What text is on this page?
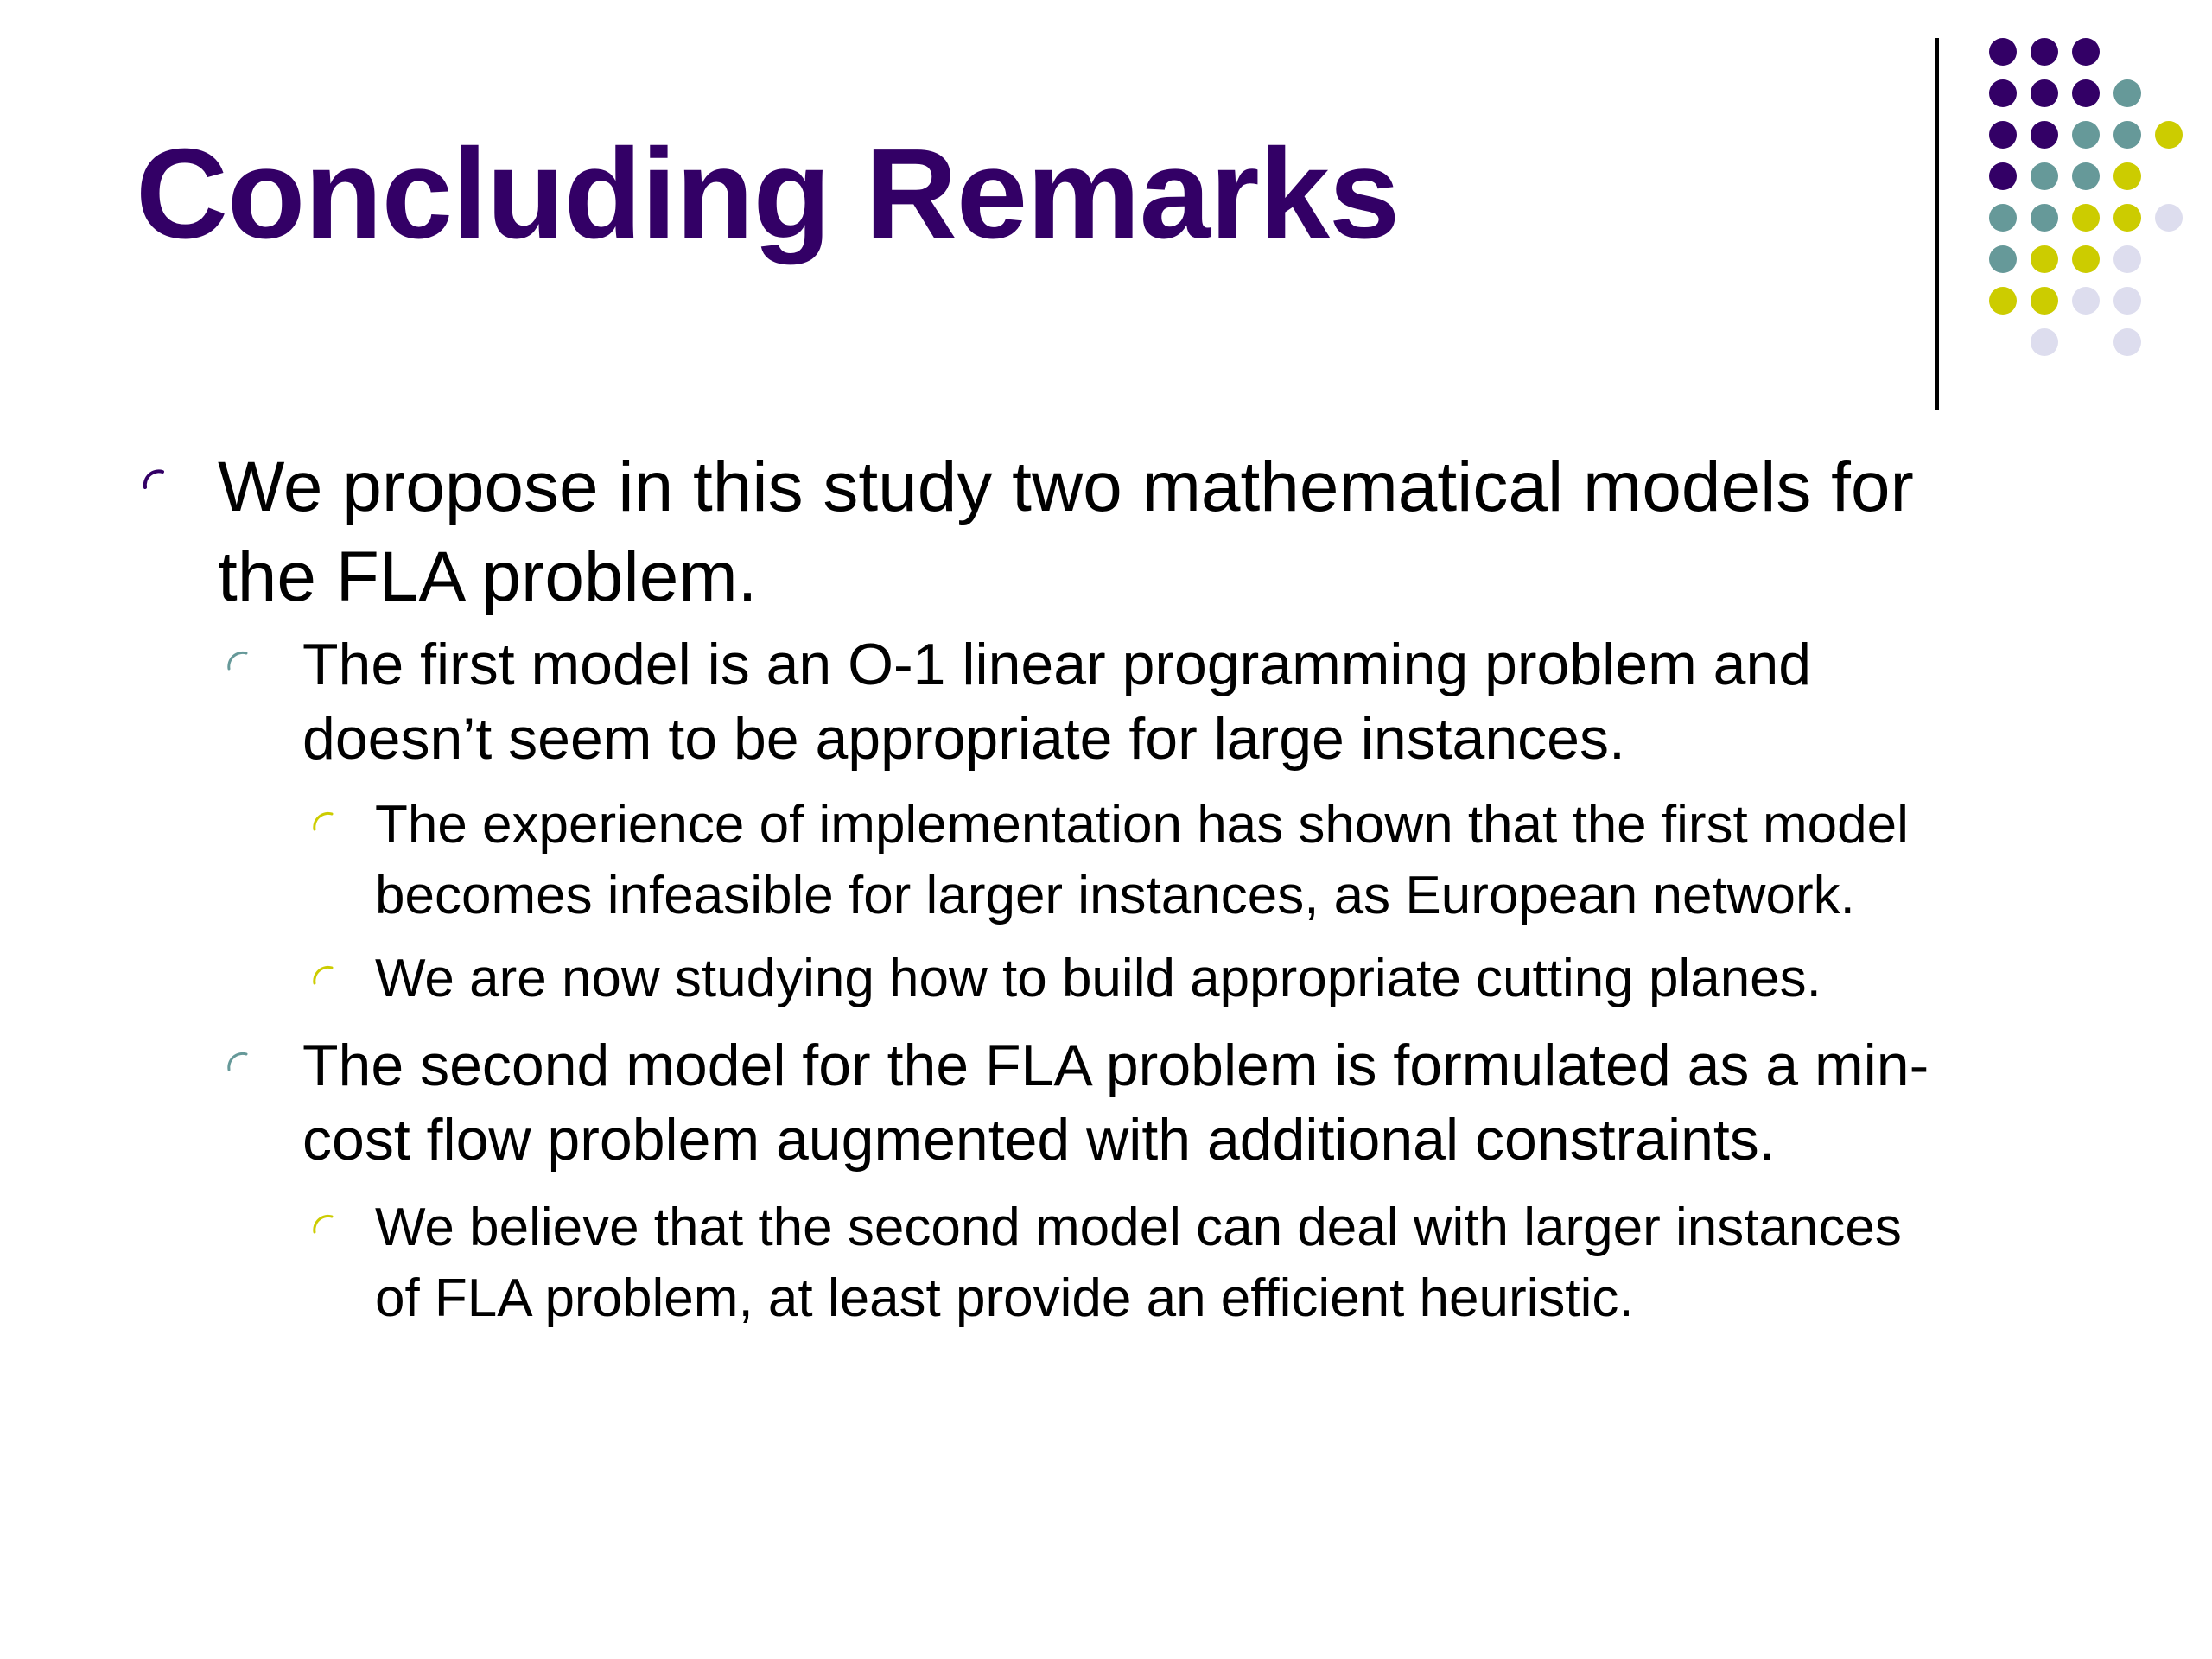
Concluding Remarks
We propose in this study two mathematical models for
the FLA problem.
The first model is an O-1 linear programming problem and
doesn’t seem to be appropriate for large instances.
The experience of implementation has shown that the first model
becomes infeasible for larger instances, as European network.
We are now studying how to build appropriate cutting planes.
The second model for the FLA problem is formulated as a min-
cost flow problem augmented with additional constraints.
We believe that the second model can deal with larger instances
of FLA problem, at least provide an efficient heuristic.
